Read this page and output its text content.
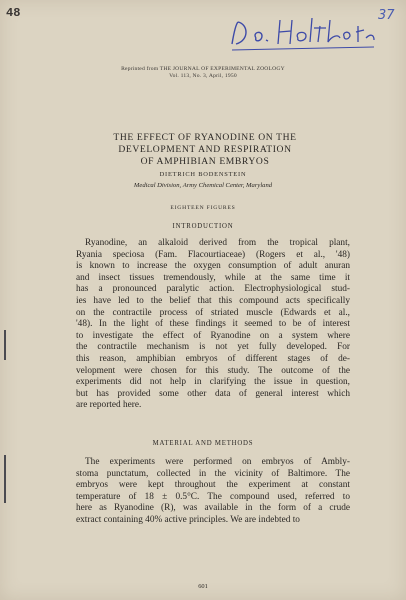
48	37
Reprinted from THE JOURNAL OF EXPERIMENTAL ZOOLOGY
Vol. 113, No. 3, April, 1950
THE EFFECT OF RYANODINE ON THE
DEVELOPMENT AND RESPIRATION
OF AMPHIBIAN EMBRYOS
DIETRICH BODENSTEIN
Medical Division, Army Chemical Center, Maryland
EIGHTEEN FIGURES
INTRODUCTION
Ryanodine, an alkaloid derived from the tropical plant,
Ryania speciosa (Fam. Flacourtiaceae) (Rogers et al., '48)
is known to increase the oxygen consumption of adult anuran
and insect tissues tremendously, while at the same time it
has a pronounced paralytic action. Electrophysiological stud-
ies have led to the belief that this compound acts specifically
on the contractile process of striated muscle (Edwards et al.,
'48). In the light of these findings it seemed to be of interest
to investigate the effect of Ryanodine on a system where
the contractile mechanism is not yet fully developed. For
this reason, amphibian embryos of different stages of de-
velopment were chosen for this study. The outcome of the
experiments did not help in clarifying the issue in question,
but has provided some other data of general interest which
are reported here.
MATERIAL AND METHODS
The experiments were performed on embryos of Ambly-
stoma punctatum, collected in the vicinity of Baltimore. The
embryos were kept throughout the experiment at constant
temperature of 18 ± 0.5°C. The compound used, referred to
here as Ryanodine (R), was available in the form of a crude
extract containing 40% active principles. We are indebted to
601
